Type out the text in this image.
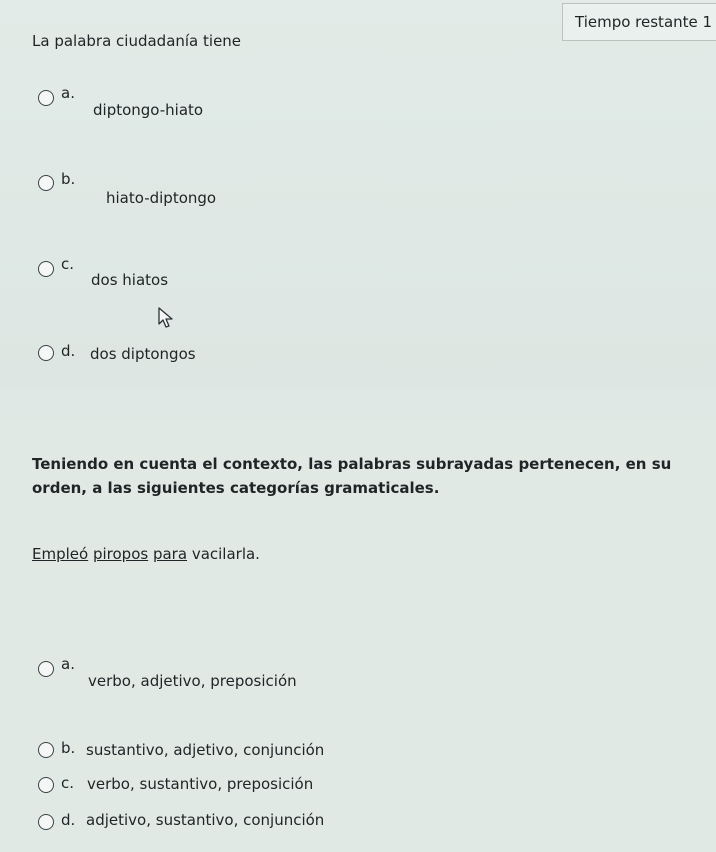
La palabra ciudadanía tiene
a.
diptongo-hiato
b.
hiato-diptongo
c.
dos hiatos
d. dos diptongos
Tiempo restante 1
Teniendo en cuenta el contexto, las palabras subrayadas pertenecen, en su orden, a las siguientes categorías gramaticales.
Empleó piropos para vacilarla.
a.
verbo, adjetivo, preposición
b. sustantivo, adjetivo, conjunción
c. verbo, sustantivo, preposición
d. adjetivo, sustantivo, conjunción
